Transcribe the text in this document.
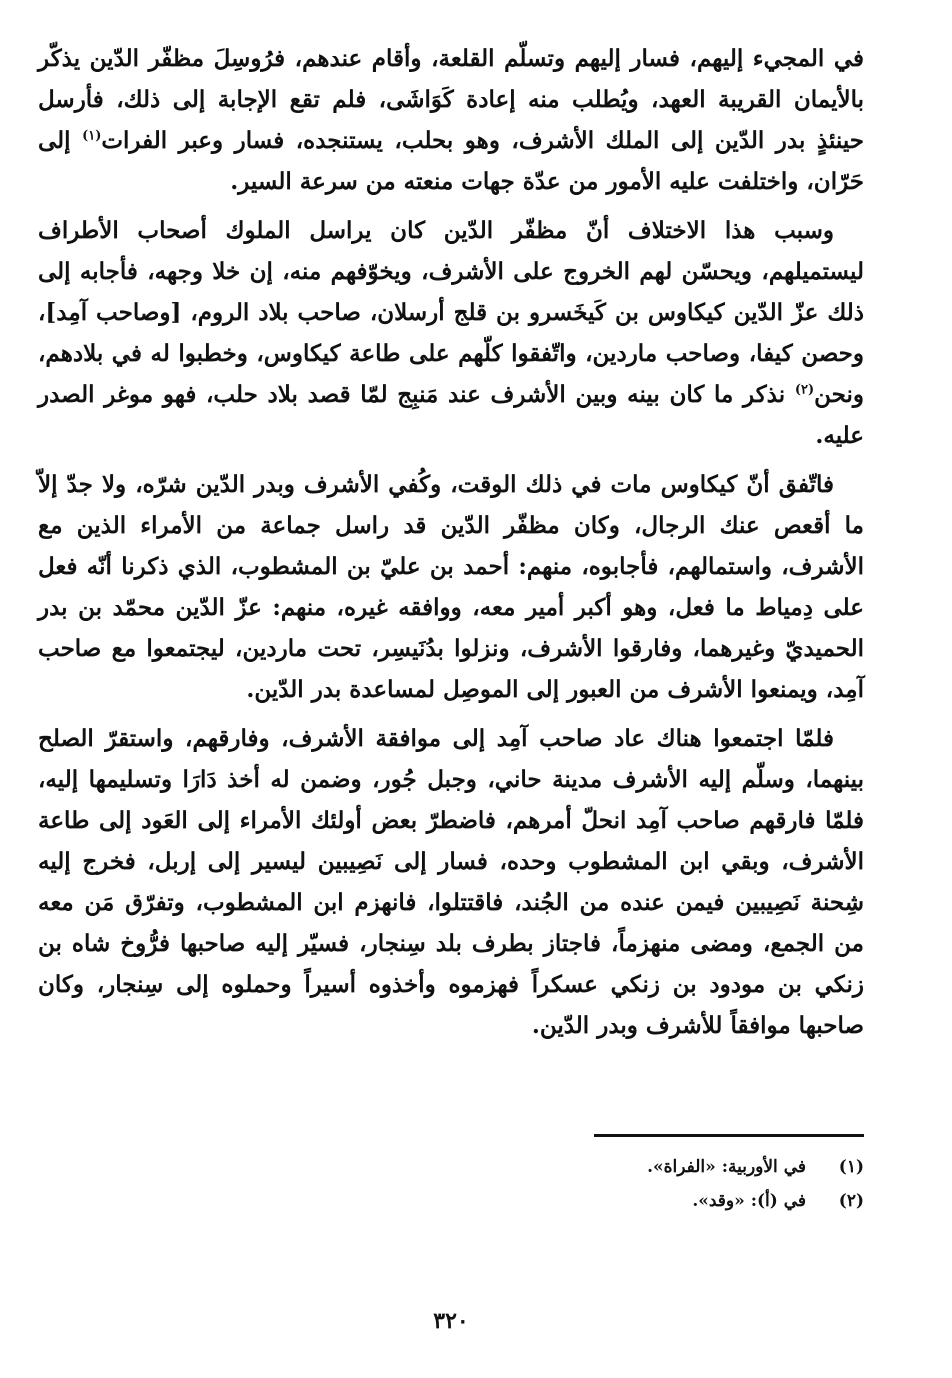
في المجيء إليهم، فسار إليهم وتسلّم القلعة، وأقام عندهم، فرُوسِلَ مظفّر الدّين يذكّر بالأيمان القريبة العهد، ويُطلب منه إعادة كَوَاشَى، فلم تقع الإجابة إلى ذلك، فأرسل حينئذٍ بدر الدّين إلى الملك الأشرف، وهو بحلب، يستنجده، فسار وعبر الفرات$^{(١)}$ إلى حَرّان، واختلفت عليه الأمور من عدّة جهات منعته من سرعة السير.

وسبب هذا الاختلاف أنّ مظفّر الدّين كان يراسل الملوك أصحاب الأطراف ليستميلهم، ويحسّن لهم الخروج على الأشرف، ويخوّفهم منه، إن خلا وجهه، فأجابه إلى ذلك عزّ الدّين كيكاوس بن كَيخَسرو بن قلج أرسلان، صاحب بلاد الروم، [وصاحب آمِد]، وحصن كيفا، وصاحب ماردين، واتّفقوا كلّهم على طاعة كيكاوس، وخطبوا له في بلادهم، ونحن$^{(٢)}$ نذكر ما كان بينه وبين الأشرف عند مَنبِج لمّا قصد بلاد حلب، فهو موغر الصدر عليه.

فاتّفق أنّ كيكاوس مات في ذلك الوقت، وكُفي الأشرف وبدر الدّين شرّه، ولا جدّ إلاّ ما أقعص عنك الرجال، وكان مظفّر الدّين قد راسل جماعة من الأمراء الذين مع الأشرف، واستمالهم، فأجابوه، منهم: أحمد بن عليّ بن المشطوب، الذي ذكرنا أنّه فعل على دِمياط ما فعل، وهو أكبر أمير معه، ووافقه غيره، منهم: عزّ الدّين محمّد بن بدر الحميديّ وغيرهما، وفارقوا الأشرف، ونزلوا بدُنَيسِر، تحت ماردين، ليجتمعوا مع صاحب آمِد، ويمنعوا الأشرف من العبور إلى الموصِل لمساعدة بدر الدّين.

فلمّا اجتمعوا هناك عاد صاحب آمِد إلى موافقة الأشرف، وفارقهم، واستقرّ الصلح بينهما، وسلّم إليه الأشرف مدينة حاني، وجبل جُور، وضمن له أخذ دَارَا وتسليمها إليه، فلمّا فارقهم صاحب آمِد انحلّ أمرهم، فاضطرّ بعض أولئك الأمراء إلى العَود إلى طاعة الأشرف، وبقي ابن المشطوب وحده، فسار إلى نَصِيبين ليسير إلى إربل، فخرج إليه شِحنة نَصِيبين فيمن عنده من الجُند، فاقتتلوا، فانهزم ابن المشطوب، وتفرّق مَن معه من الجمع، ومضى منهزماً، فاجتاز بطرف بلد سِنجار، فسيّر إليه صاحبها فرُّوخ شاه بن زنكي بن مودود بن زنكي عسكراً فهزموه وأخذوه أسيراً وحملوه إلى سِنجار، وكان صاحبها موافقاً للأشرف وبدر الدّين.

(١)
في الأوربية: «الفراة».
(٢)
في (أ): «وقد».
٣٢٠
